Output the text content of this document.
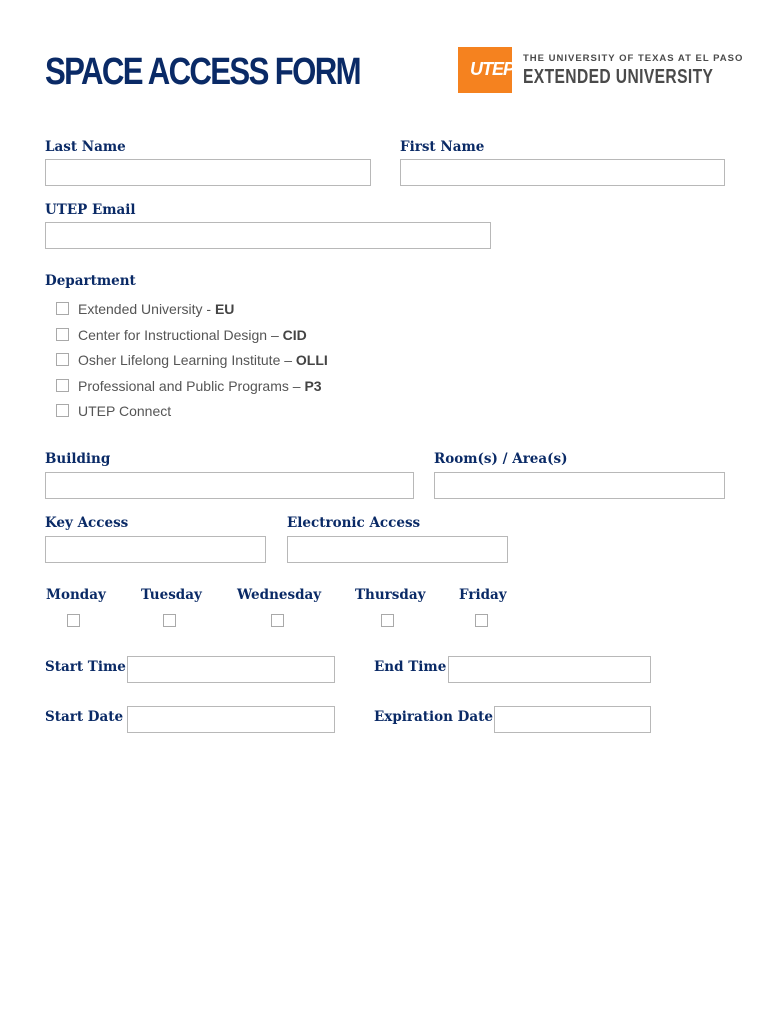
SPACE ACCESS FORM	UTEP
THE UNIVERSITY OF TEXAS AT EL PASO
EXTENDED UNIVERSITY
Last Name	First Name
UTEP Email
Department
Extended University - EU
Center for Instructional Design – CID
Osher Lifelong Learning Institute – OLLI
Professional and Public Programs – P3
UTEP Connect
Building	Room(s) / Area(s)
Key Access	Electronic Access
Monday	Tuesday	Wednesday	Thursday Friday
Start Time	End Time
Start Date	Expiration Date
